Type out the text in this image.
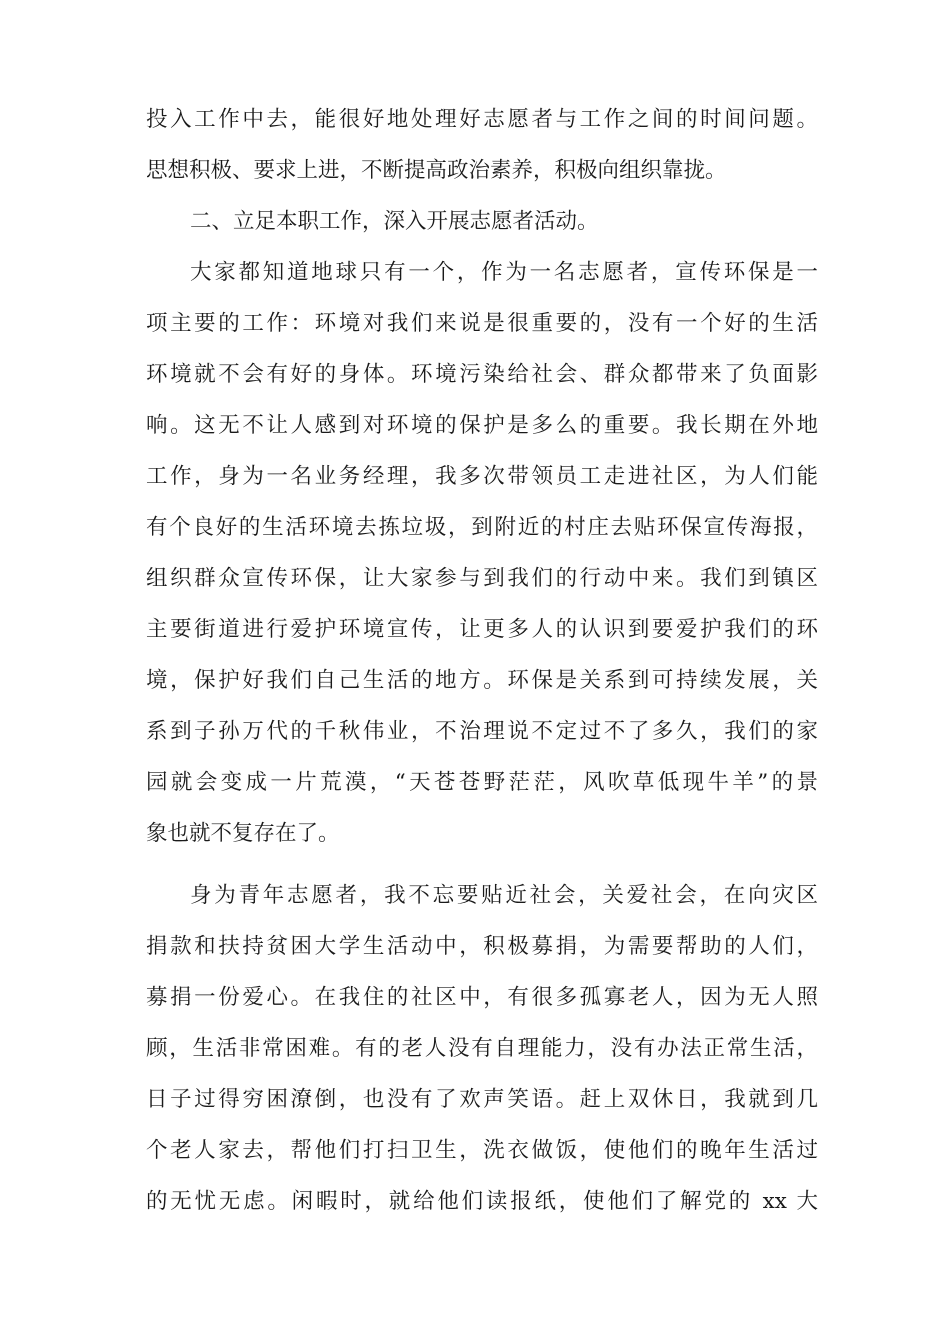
投入工作中去，能很好地处理好志愿者与工作之间的时间问题。
思想积极、要求上进，不断提高政治素养，积极向组织靠拢。
二、立足本职工作，深入开展志愿者活动。
大家都知道地球只有一个，作为一名志愿者，宣传环保是一
项主要的工作：环境对我们来说是很重要的，没有一个好的生活
环境就不会有好的身体。环境污染给社会、群众都带来了负面影
响。这无不让人感到对环境的保护是多么的重要。我长期在外地
工作，身为一名业务经理，我多次带领员工走进社区，为人们能
有个良好的生活环境去拣垃圾，到附近的村庄去贴环保宣传海报，
组织群众宣传环保，让大家参与到我们的行动中来。我们到镇区
主要街道进行爱护环境宣传，让更多人的认识到要爱护我们的环
境，保护好我们自己生活的地方。环保是关系到可持续发展，关
系到子孙万代的千秋伟业，不治理说不定过不了多久，我们的家
园就会变成一片荒漠，“天苍苍野茫茫，风吹草低现牛羊”的景
象也就不复存在了。
身为青年志愿者，我不忘要贴近社会，关爱社会，在向灾区
捐款和扶持贫困大学生活动中，积极募捐，为需要帮助的人们，
募捐一份爱心。在我住的社区中，有很多孤寡老人，因为无人照
顾，生活非常困难。有的老人没有自理能力，没有办法正常生活，
日子过得穷困潦倒，也没有了欢声笑语。赶上双休日，我就到几
个老人家去，帮他们打扫卫生，洗衣做饭，使他们的晚年生活过
的无忧无虑。闲暇时，就给他们读报纸，使他们了解党的 xx 大
